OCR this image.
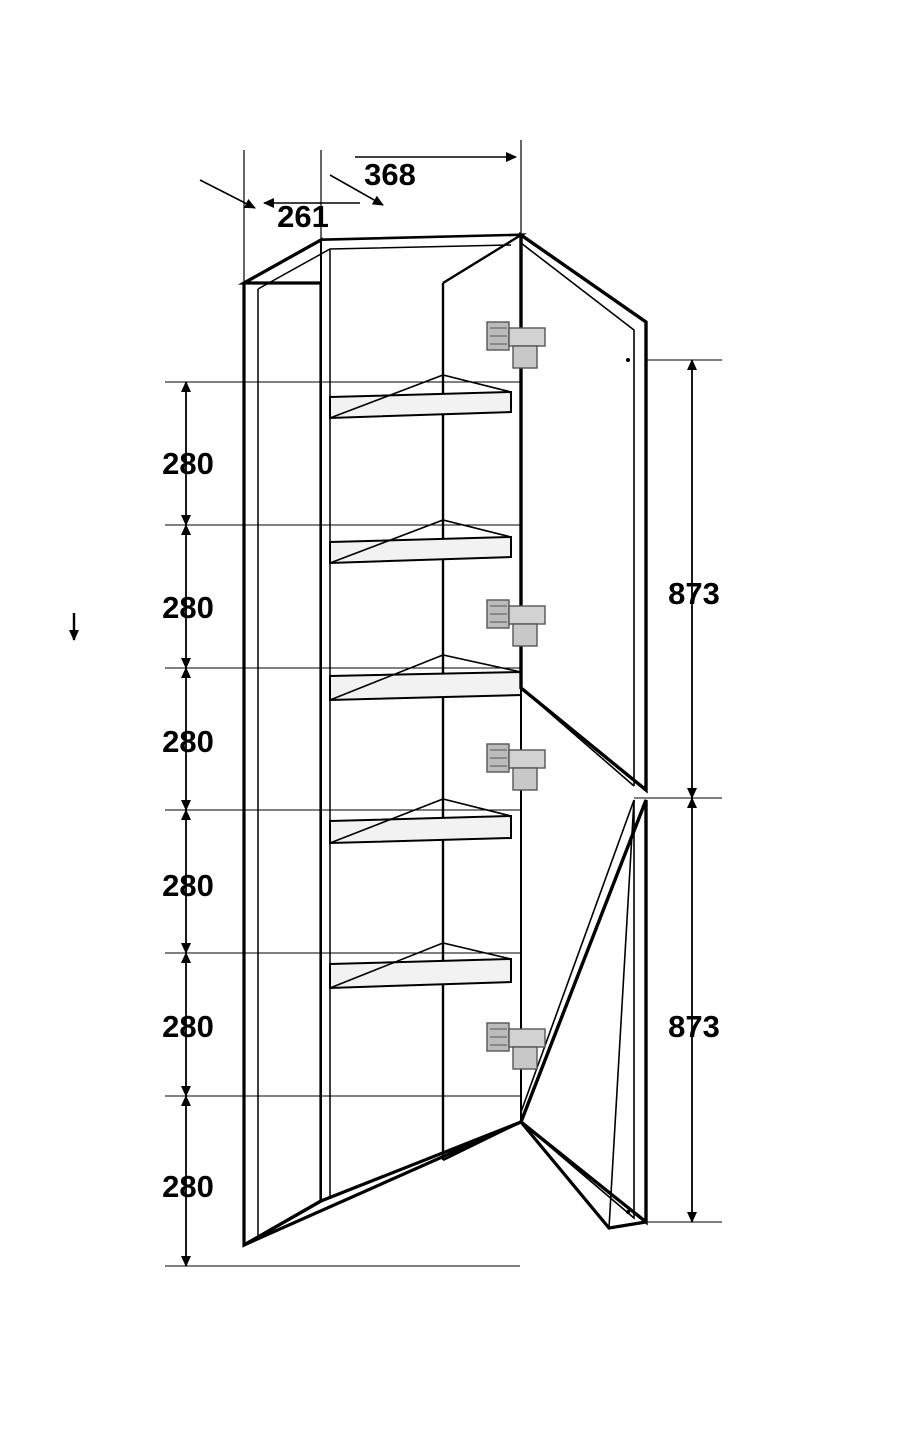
368
261
280
280
280
280
280
280
873
873
